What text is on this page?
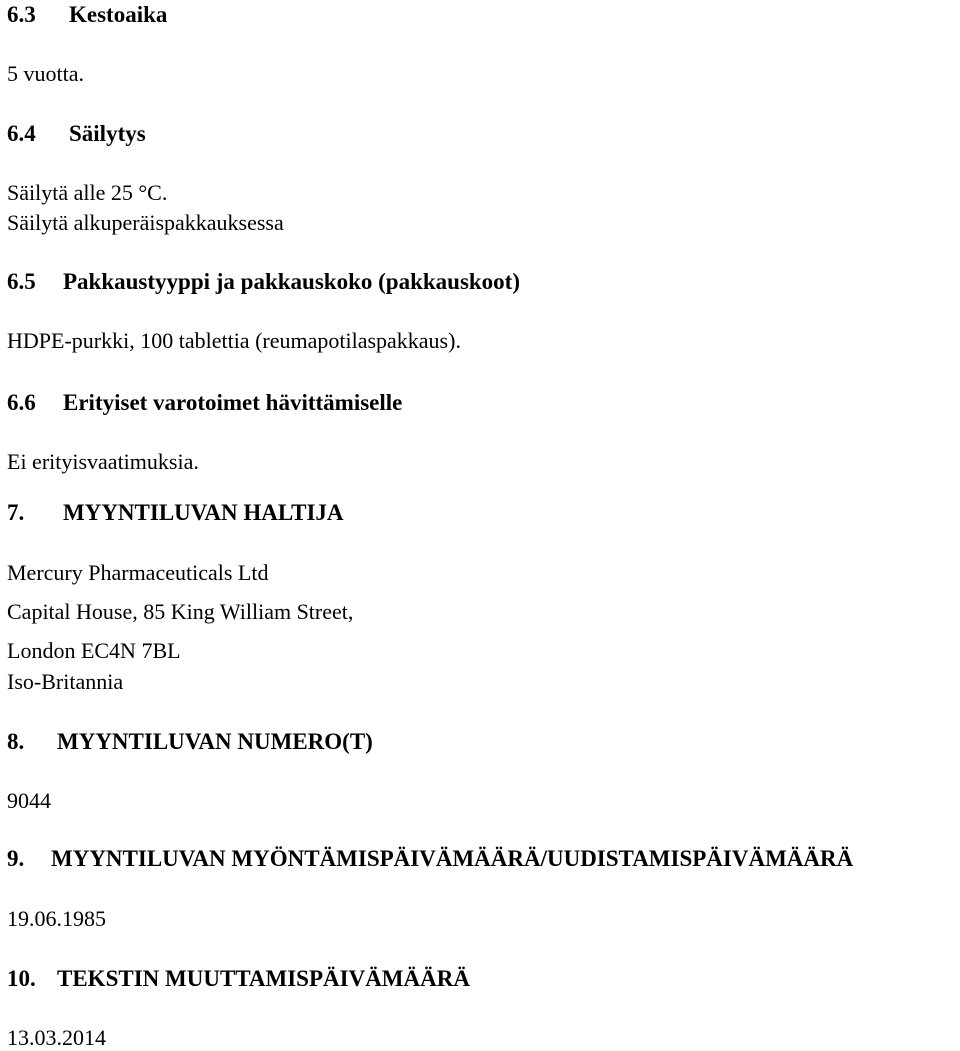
6.3 Kestoaika
5 vuotta.
6.4 Säilytys
Säilytä alle 25 °C.
Säilytä alkuperäispakkauksessa
6.5 Pakkaustyyppi ja pakkauskoko (pakkauskoot)
HDPE-purkki, 100 tablettia (reumapotilaspakkaus).
6.6 Erityiset varotoimet hävittämiselle
Ei erityisvaatimuksia.
7. MYYNTILUVAN HALTIJA
Mercury Pharmaceuticals Ltd
Capital House, 85 King William Street,
London EC4N 7BL
Iso-Britannia
8. MYYNTILUVAN NUMERO(T)
9044
9. MYYNTILUVAN MYÖNTÄMISPÄIVÄMÄÄRÄ/UUDISTAMISPÄIVÄMÄÄRÄ
19.06.1985
10. TEKSTIN MUUTTAMISPÄIVÄMÄÄRÄ
13.03.2014
